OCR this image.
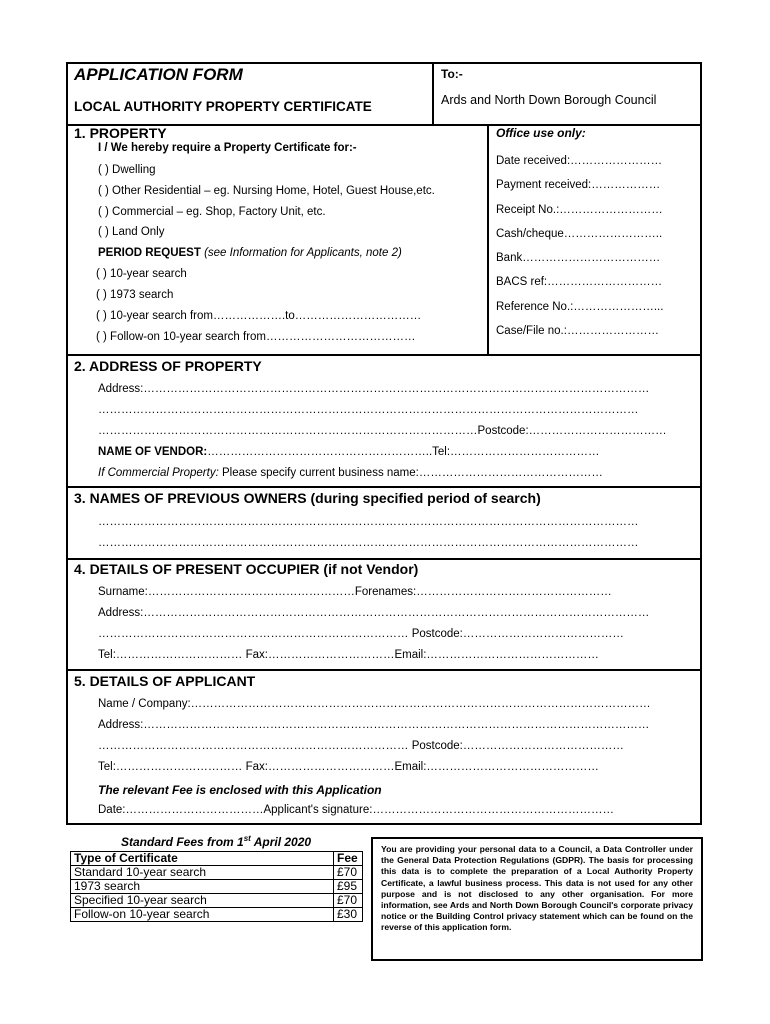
APPLICATION FORM
LOCAL AUTHORITY PROPERTY CERTIFICATE
To:-
Ards and North Down Borough Council
1. PROPERTY
I / We hereby require a Property Certificate for:-
( ) Dwelling
( ) Other Residential – eg. Nursing Home, Hotel, Guest House,etc.
( ) Commercial – eg. Shop, Factory Unit, etc.
( ) Land Only
PERIOD REQUEST (see Information for Applicants, note 2)
( ) 10-year search
( ) 1973 search
( ) 10-year search from……………….to……………………………
( ) Follow-on 10-year search from…………………………………
Office use only:
Date received:……………………
Payment received:………………
Receipt No.:………………………
Cash/cheque……………………..
Bank………………………………
BACS ref:…………………………
Reference No.:…………………...
Case/File no.:……………………
2. ADDRESS OF PROPERTY
Address:……………………………………………………………………………………………………………………
……………………………………………………………………………………………………………………………
………………………………………………………………………………………Postcode:………………………………
NAME OF VENDOR:…………………………………………………..Tel:…………………………………
If Commercial Property: Please specify current business name:…………………………………………
3. NAMES OF PREVIOUS OWNERS (during specified period of search)
……………………………………………………………………………………………………………………………
……………………………………………………………………………………………………………………………
4. DETAILS OF PRESENT OCCUPIER (if not Vendor)
Surname:………………………………………………Forenames:……………………………………………
Address:……………………………………………………………………………………………………………………
……………………………………………………………………… Postcode:……………………………………
Tel:…………………………… Fax:……………………………Email:………………………………………
5. DETAILS OF APPLICANT
Name / Company:…………………………………………………………………………………………………………
Address:……………………………………………………………………………………………………………………
……………………………………………………………………… Postcode:……………………………………
Tel:…………………………… Fax:……………………………Email:………………………………………
The relevant Fee is enclosed with this Application
Date:………………………………Applicant's signature:………………………………………………………
Standard Fees from 1st April 2020
Type of Certificate	Fee
Standard 10-year search	£70
1973 search	£95
Specified 10-year search	£70
Follow-on 10-year search	£30
You are providing your personal data to a Council, a Data Controller under the General Data Protection Regulations (GDPR). The basis for processing this data is to complete the preparation of a Local Authority Property Certificate, a lawful business process. This data is not used for any other purpose and is not disclosed to any other organisation. For more information, see Ards and North Down Borough Council's corporate privacy notice or the Building Control privacy statement which can be found on the reverse of this application form.
